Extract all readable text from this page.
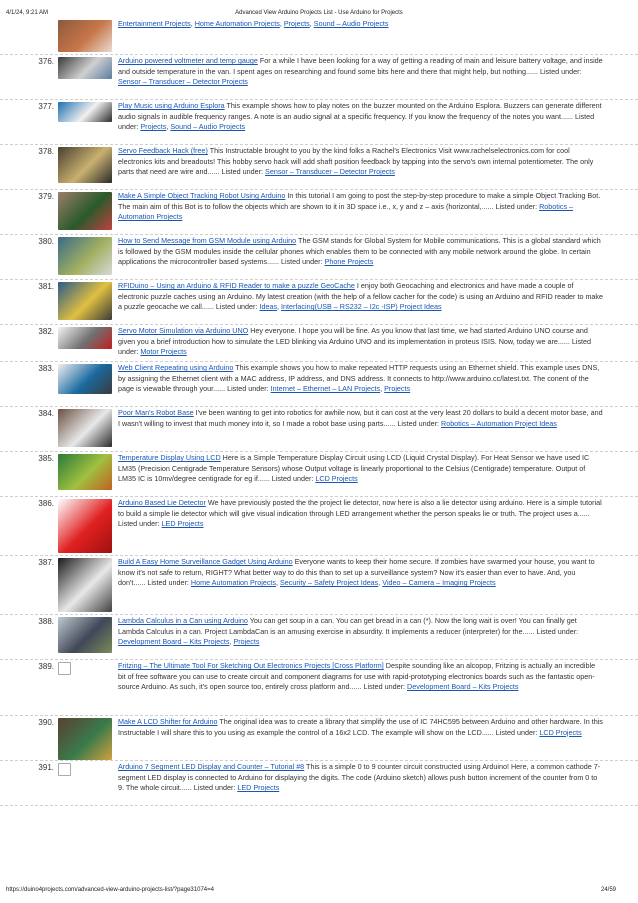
4/1/24, 9:21 AM	Advanced View Arduino Projects List - Use Arduino for Projects
Entertainment Projects, Home Automation Projects, Projects, Sound – Audio Projects
376.	Arduino powered voltmeter and temp gauge For a while I have been looking for a way of getting a reading of main and leisure battery voltage, and inside and outside temperature in the van. I spent ages on researching and found some bits here and there that might help, but nothing...... Listed under: Sensor – Transducer – Detector Projects
377.	Play Music using Arduino Esplora This example shows how to play notes on the buzzer mounted on the Arduino Esplora. Buzzers can generate different audio signals in audible frequency ranges. A note is an audio signal at a specific frequency. If you know the frequency of the notes you want...... Listed under: Projects, Sound – Audio Projects
378.	Servo Feedback Hack (free) This Instructable brought to you by the kind folks a Rachel's Electronics Visit www.rachelselectronics.com for cool electronics kits and breadouts! This hobby servo hack will add shaft position feedback by tapping into the servo's own internal potentiometer. The only parts that need are wire and...... Listed under: Sensor – Transducer – Detector Projects
379.	Make A Simple Object Tracking Robot Using Arduino In this tutorial I am going to post the step-by-step procedure to make a simple Object Tracking Bot. The main aim of this Bot is to follow the objects which are shown to it in 3D space i.e., x, y and z – axis (horizontal,...... Listed under: Robotics – Automation Projects
380.	How to Send Message from GSM Module using Arduino The GSM stands for Global System for Mobile communications. This is a global standard which is followed by the GSM modules inside the cellular phones which enables them to be connected with any mobile network around the globe. In certain applications the microcontroller based systems...... Listed under: Phone Projects
381.	RFIDuino – Using an Arduino & RFID Reader to make a puzzle GeoCache I enjoy both Geocaching and electronics and have made a couple of electronic puzzle caches using an Arduino. My latest creation (with the help of a fellow cacher for the code) is using an Arduino and RFID reader to make a puzzle geocache we call...... Listed under: Ideas, Interfacing(USB – RS232 – I2c -ISP) Project Ideas
382.	Servo Motor Simulation via Arduino UNO Hey everyone. I hope you will be fine. As you know that last time, we had started Arduino UNO course and given you a brief introduction how to simulate the LED blinking via Arduino UNO and its implementation in proteus ISIS. Now, today we are...... Listed under: Motor Projects
383.	Web Client Repeating using Arduino This example shows you how to make repeated HTTP requests using an Ethernet shield. This example uses DNS, by assigning the Ethernet client with a MAC address, IP address, and DNS address. It connects to http://www.arduino.cc/latest.txt. The conent of the page is viewable through your...... Listed under: Internet – Ethernet – LAN Projects, Projects
384.	Poor Man's Robot Base I've been wanting to get into robotics for awhile now, but it can cost at the very least 20 dollars to build a decent motor base, and I wasn't willing to invest that much money into it, so I made a robot base using parts...... Listed under: Robotics – Automation Project Ideas
385.	Temperature Display Using LCD Here is a Simple Temperature Display Circuit using LCD (Liquid Crystal Display). For Heat Sensor we have used IC LM35 (Precision Centigrade Temperature Sensors) whose Output voltage is linearly proportional to the Celsius (Centigrade) temperature. Output of LM35 IC is 10mv/degree centigrade for eg if...... Listed under: LCD Projects
386.	Arduino Based Lie Detector We have previously posted the the project lie detector, now here is also a lie detector using arduino. Here is a simple tutorial to build a simple lie detector which will give visual indication through LED arrangement whether the person speaks lie or truth. The project uses a...... Listed under: LED Projects
387.	Build A Easy Home Surveillance Gadget Using Arduino Everyone wants to keep their home secure. If zombies have swarmed your house, you want to know it's not safe to return, RIGHT? What better way to do this than to set up a surveillance system? Now it's easier than ever to have. And, you don't...... Listed under: Home Automation Projects, Security – Safety Project Ideas, Video – Camera – Imaging Projects
388.	Lambda Calculus in a Can using Arduino You can get soup in a can. You can get bread in a can (*). Now the long wait is over! You can finally get Lambda Calculus in a can. Project LambdaCan is an amusing exercise in absurdity. It implements a reducer (interpreter) for the...... Listed under: Development Board – Kits Projects, Projects
389.	Fritzing – The Ultimate Tool For Sketching Out Electronics Projects [Cross Platform] Despite sounding like an alcopop, Fritzing is actually an incredible bit of free software you can use to create circuit and component diagrams for use with rapid-prototyping electronics boards such as the fantastic open-source Arduino. As such, it's open source too, entirely cross platform and...... Listed under: Development Board – Kits Projects
390.	Make A LCD Shifter for Arduino The original idea was to create a library that simplify the use of IC 74HC595 between Arduino and other hardware. In this Instructable I will share this to you using as example the control of a 16x2 LCD. The example will show on the LCD...... Listed under: LCD Projects
391.	Arduino 7 Segment LED Display and Counter – Tutorial #8 This is a simple 0 to 9 counter circuit constructed using Arduino! Here, a common cathode 7-segment LED display is connected to Arduino for displaying the digits. The code (Arduino sketch) allows push button increment of the counter from 0 to 9. The whole circuit...... Listed under: LED Projects
https://duino4projects.com/advanced-view-arduino-projects-list/?page31074=4	24/59
